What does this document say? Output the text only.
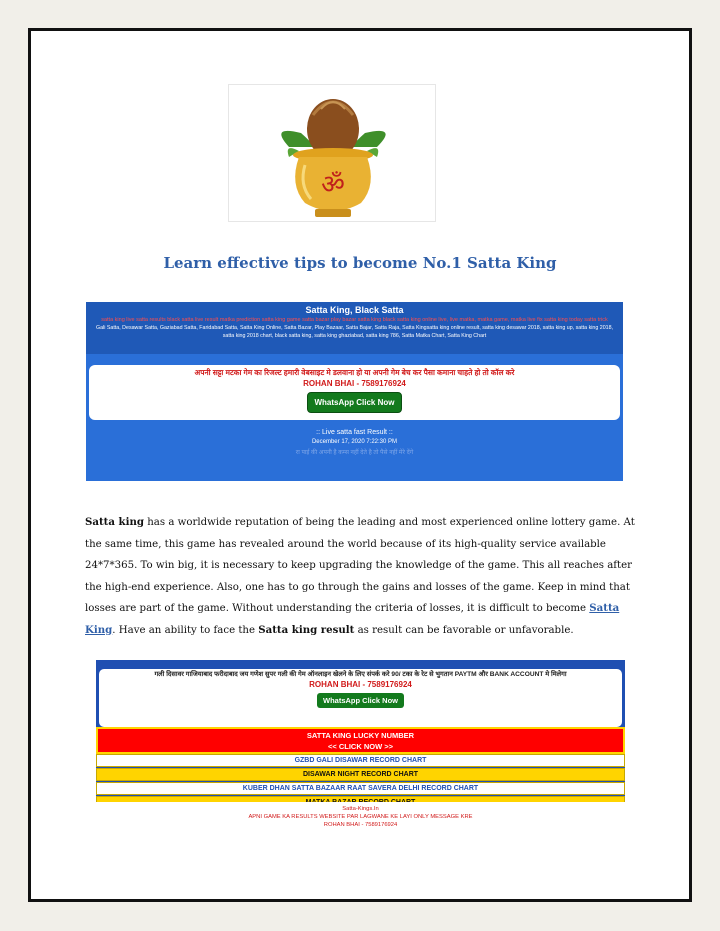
ॐ
Learn effective tips to become No.1 Satta King
Satta King, Black Satta
satta king live satta results black satta live result matka prediction satta king game satta bazar play bazar satta king black satta king online live, live matka, matka game, matka live fix satta king today satta trick
Gali Satta, Desawar Satta, Gaziabad Satta, Faridabad Satta, Satta King Online, Satta Bazar, Play Bazaar, Satta Bajar, Satta Raja, Satta Kingsatta king online result, satta king desawar 2018, satta king up, satta king 2018, satta king 2018 chart, black satta king, satta king ghaziabad, satta king 786, Satta Matka Chart, Satta King Chart
अपनी सट्टा मटका गेम का रिजल्ट हमारी वेबसाइट मे डलवाना हो या अपनी गेम बेच कर पैसा कमाना चाहते हो तो कॉल करे
ROHAN BHAI - 7589176924
WhatsApp Click Now
:: Live satta fast Result ::
December 17, 2020 7:22:30 PM
रा पाई की अपनी है कम्स नहीं देते है तो पैसे नहीं मेरे देंगे

Satta king has a worldwide reputation of being the leading and most experienced online lottery game. At the same time, this game has revealed around the world because of its high-quality service available 24*7*365. To win big, it is necessary to keep upgrading the knowledge of the game. This all reaches after the high-end experience. Also, one has to go through the gains and losses of the game. Keep in mind that losses are part of the game. Without understanding the criteria of losses, it is difficult to become Satta King. Have an ability to face the Satta king result as result can be favorable or unfavorable.

गली दिसावर गाजियाबाद फरीदाबाद जय गणेश सुपर गली की गेम ऑनलाइन खेलने के लिए संपर्क करे 90/ टका के रेट से भुगतान PAYTM और BANK ACCOUNT मे मिलेगा
ROHAN BHAI - 7589176924
WhatsApp Click Now
SATTA KING LUCKY NUMBER
<< CLICK NOW >>
GZBD GALI DISAWAR RECORD CHART
DISAWAR NIGHT RECORD CHART
KUBER DHAN SATTA BAZAAR RAAT SAVERA DELHI RECORD CHART
Satta-Kings.In
APNI GAME KA RESULTS WEBSITE PAR LAGWANE KE LAYI ONLY MESSAGE KRE
ROHAN BHAI - 7589176924
